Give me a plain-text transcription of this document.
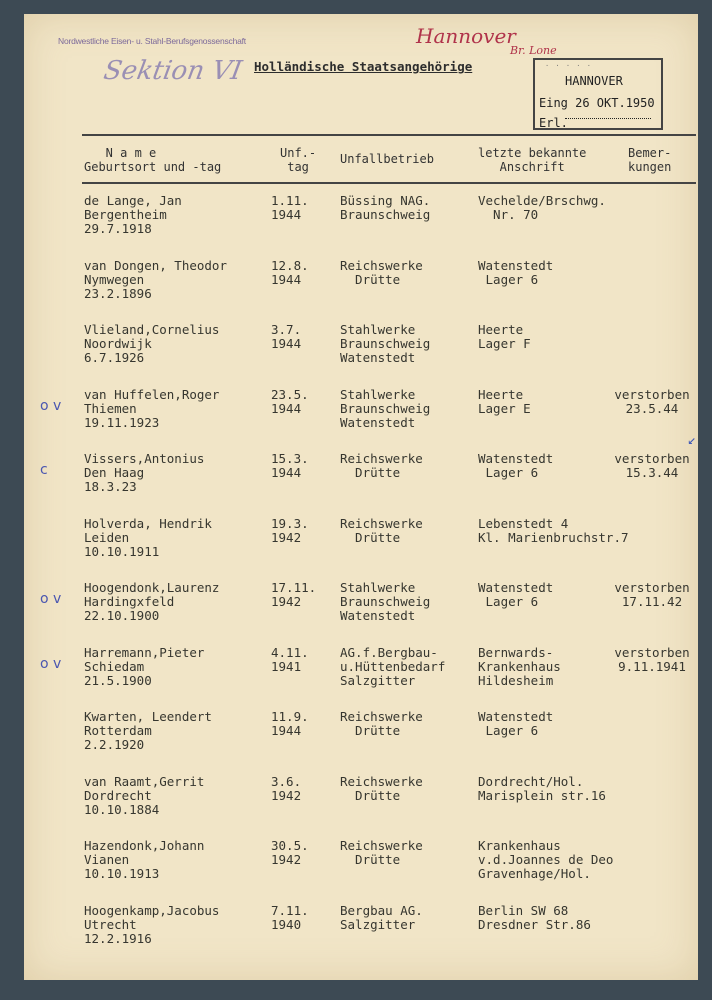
Nordwestliche Eisen- u. Stahl-Berufsgenossenschaft
Sektion VI
Hannover
Br. Lone
Holländische Staatsangehörige	· · · · ·
HANNOVER
Eing 26 OKT.1950
Erl.
N a m e
Geburtsort und -tag
Unf.-
tag
Unfallbetrieb	letzte bekannte
Anschrift
Bemer-
kungen
de Lange, Jan
Bergentheim
29.7.1918
1.11.
1944
Büssing NAG.
Braunschweig
Vechelde/Brschwg.
Nr. 70
van Dongen, Theodor
Nymwegen
23.2.1896
12.8.
1944
Reichswerke
Drütte
Watenstedt
Lager 6
Vlieland,Cornelius
Noordwijk
6.7.1926
3.7.
1944
Stahlwerke
Braunschweig
Watenstedt
Heerte
Lager F
o v
van Huffelen,Roger
Thiemen
19.11.1923
23.5.
1944
Stahlwerke
Braunschweig
Watenstedt
Heerte
Lager E
verstorben
23.5.44
c
Vissers,Antonius
Den Haag
18.3.23
15.3.
1944
Reichswerke
Drütte
Watenstedt
Lager 6
verstorben
15.3.44
Holverda, Hendrik
Leiden
10.10.1911
19.3.
1942
Reichswerke
Drütte
Lebenstedt 4
Kl. Marienbruchstr.7
o v
Hoogendonk,Laurenz
Hardingxfeld
22.10.1900
17.11.
1942
Stahlwerke
Braunschweig
Watenstedt
Watenstedt
Lager 6
verstorben
17.11.42
o v
Harremann,Pieter
Schiedam
21.5.1900
4.11.
1941
AG.f.Bergbau-
u.Hüttenbedarf
Salzgitter
Bernwards-
Krankenhaus
Hildesheim
verstorben
9.11.1941
Kwarten, Leendert
Rotterdam
2.2.1920
11.9.
1944
Reichswerke
Drütte
Watenstedt
Lager 6
van Raamt,Gerrit
Dordrecht
10.10.1884
3.6.
1942
Reichswerke
Drütte
Dordrecht/Hol.
Marisplein str.16
Hazendonk,Johann
Vianen
10.10.1913
30.5.
1942
Reichswerke
Drütte
Krankenhaus
v.d.Joannes de Deo
Gravenhage/Hol.
Hoogenkamp,Jacobus
Utrecht
12.2.1916
7.11.
1940
Bergbau AG.
Salzgitter
Berlin SW 68
Dresdner Str.86
↙
